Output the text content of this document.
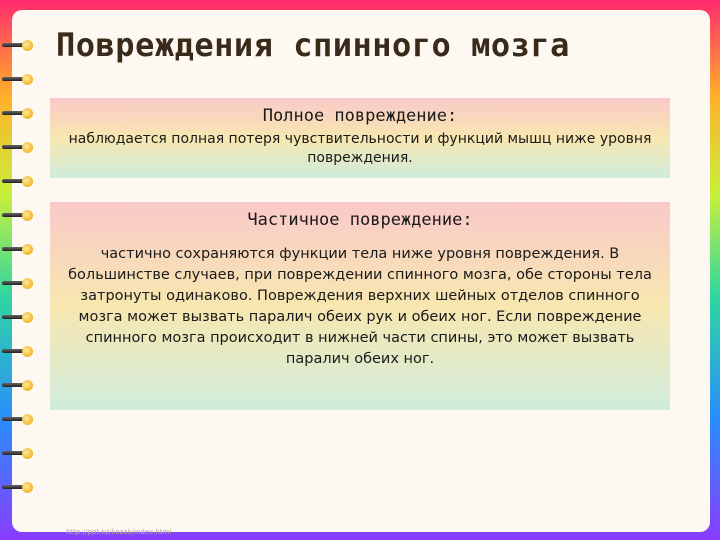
Повреждения спинного мозга
Полное повреждение:
наблюдается полная потеря чувствительности и функций мышц ниже уровня повреждения.
Частичное повреждение:
частично сохраняются функции тела ниже уровня повреждения. В большинстве случаев, при повреждении спинного мозга, обе стороны тела затронуты одинаково. Повреждения верхних шейных отделов спинного мозга может вызвать паралич обеих рук и обеих ног. Если повреждение спинного мозга происходит в нижней части спины, это может вызвать паралич обеих ног.
http://ppt.kz/kazak/index.html
